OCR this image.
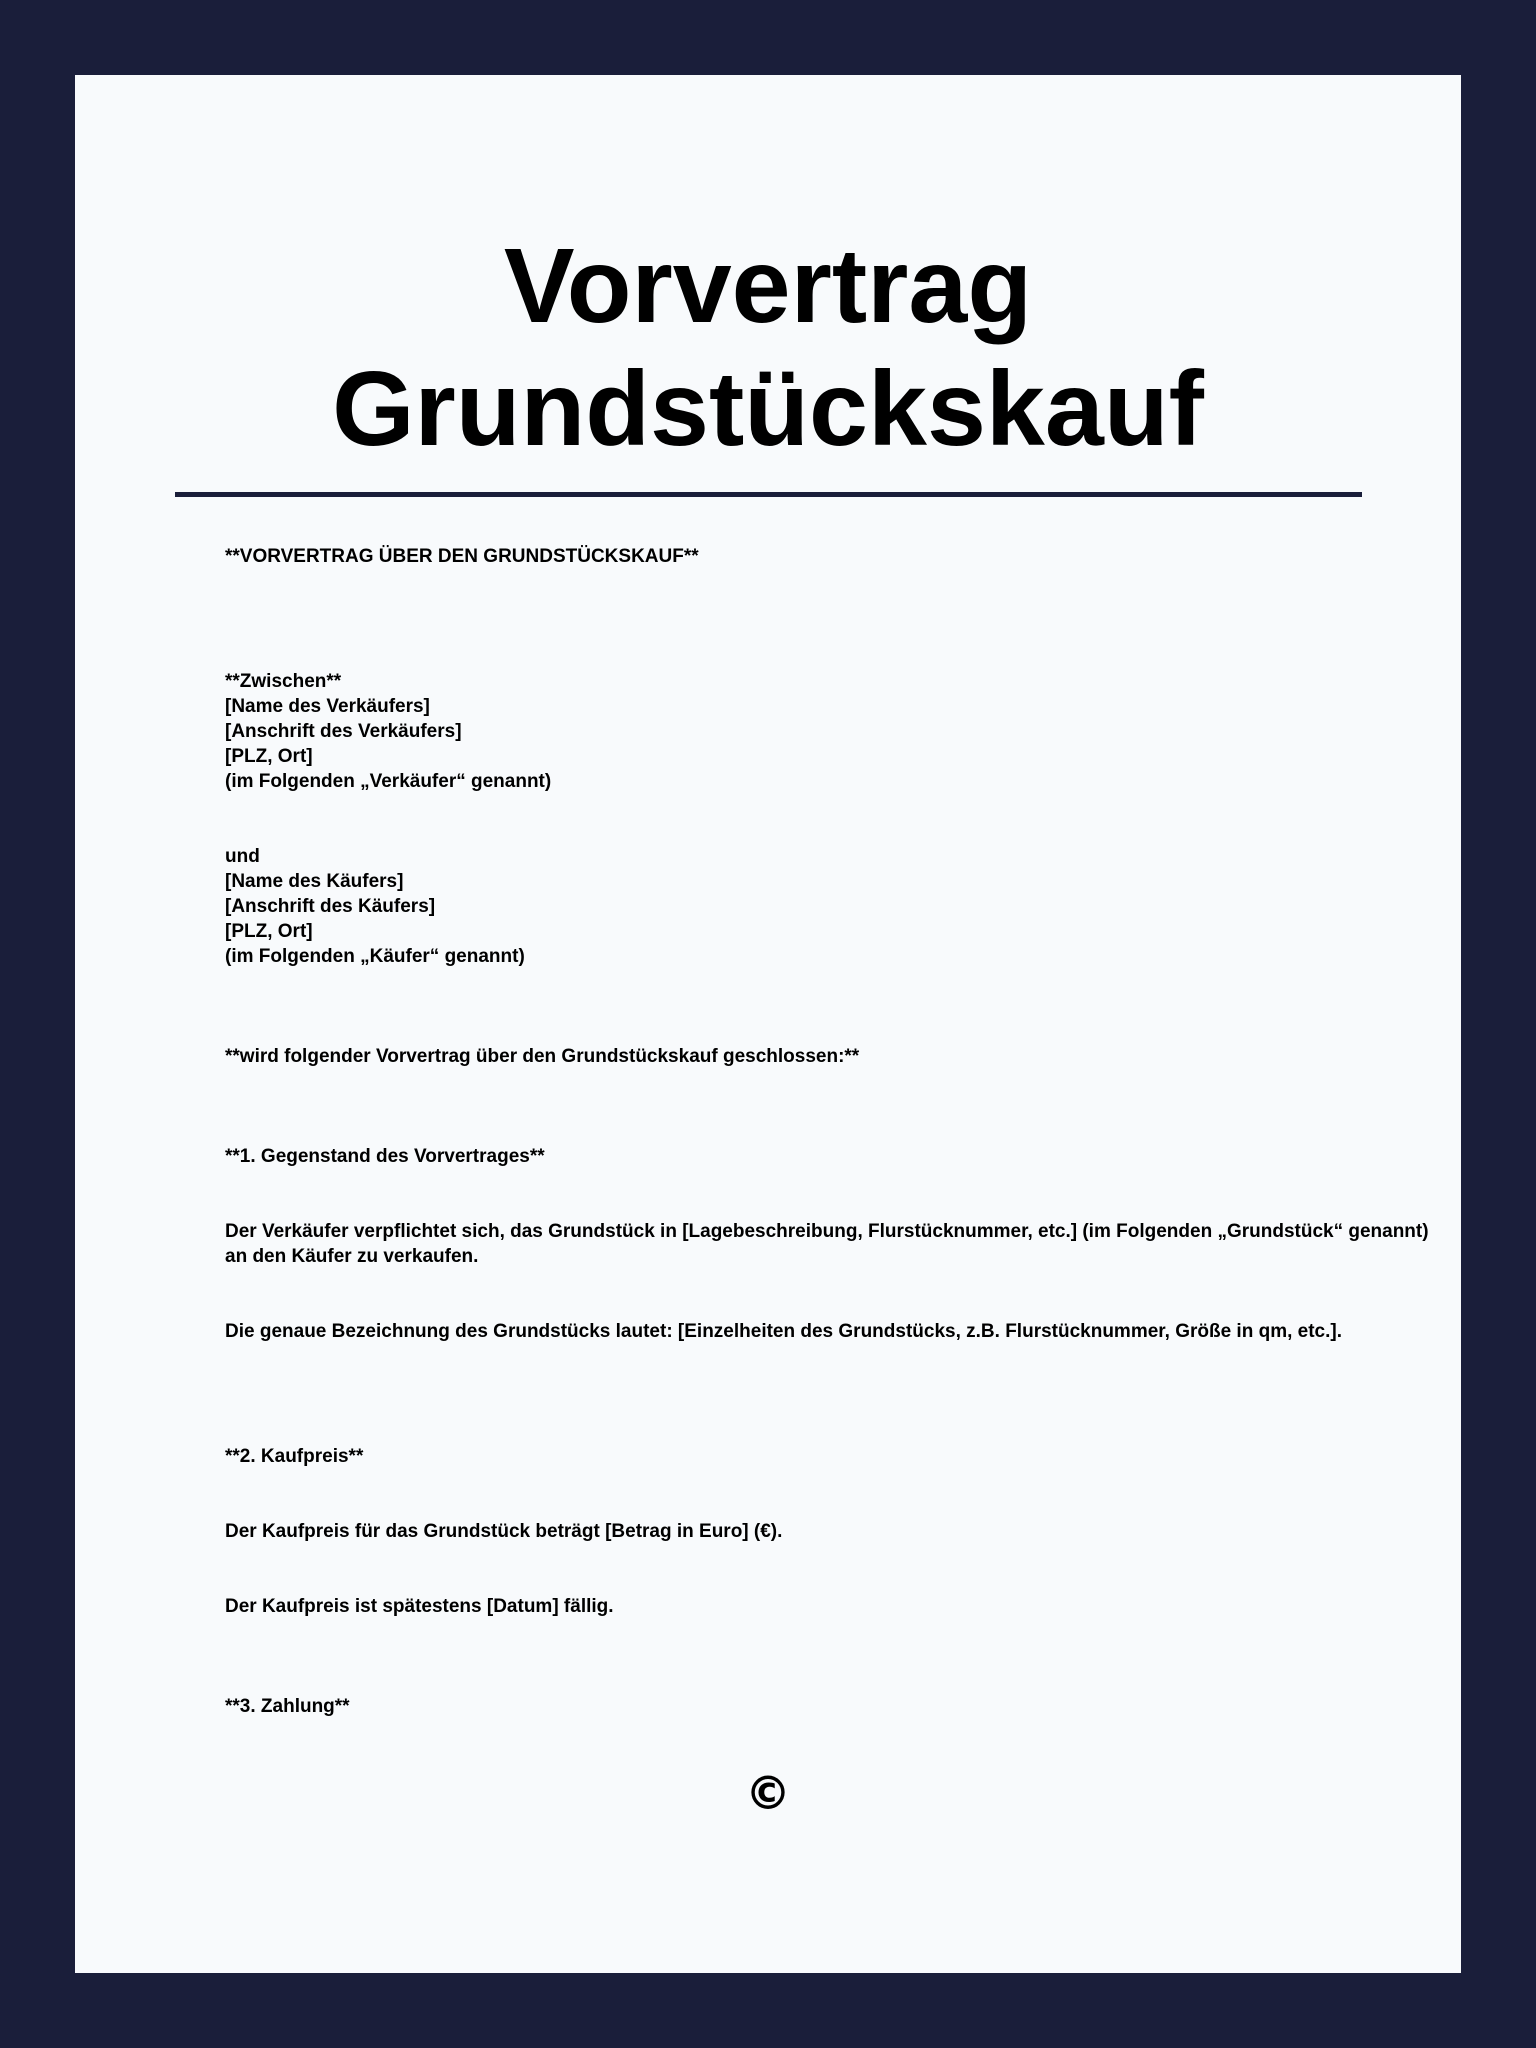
Vorvertrag
Grundstückskauf

**VORVERTRAG ÜBER DEN GRUNDSTÜCKSKAUF**

**Zwischen**
[Name des Verkäufers]
[Anschrift des Verkäufers]
[PLZ, Ort]
(im Folgenden „Verkäufer“ genannt)

und
[Name des Käufers]
[Anschrift des Käufers]
[PLZ, Ort]
(im Folgenden „Käufer“ genannt)

**wird folgender Vorvertrag über den Grundstückskauf geschlossen:**

**1. Gegenstand des Vorvertrages**

Der Verkäufer verpflichtet sich, das Grundstück in [Lagebeschreibung, Flurstücknummer, etc.] (im Folgenden „Grundstück“ genannt) an den Käufer zu verkaufen.

Die genaue Bezeichnung des Grundstücks lautet: [Einzelheiten des Grundstücks, z.B. Flurstücknummer, Größe in qm, etc.].

**2. Kaufpreis**

Der Kaufpreis für das Grundstück beträgt [Betrag in Euro] (€).

Der Kaufpreis ist spätestens [Datum] fällig.

**3. Zahlung**

©
